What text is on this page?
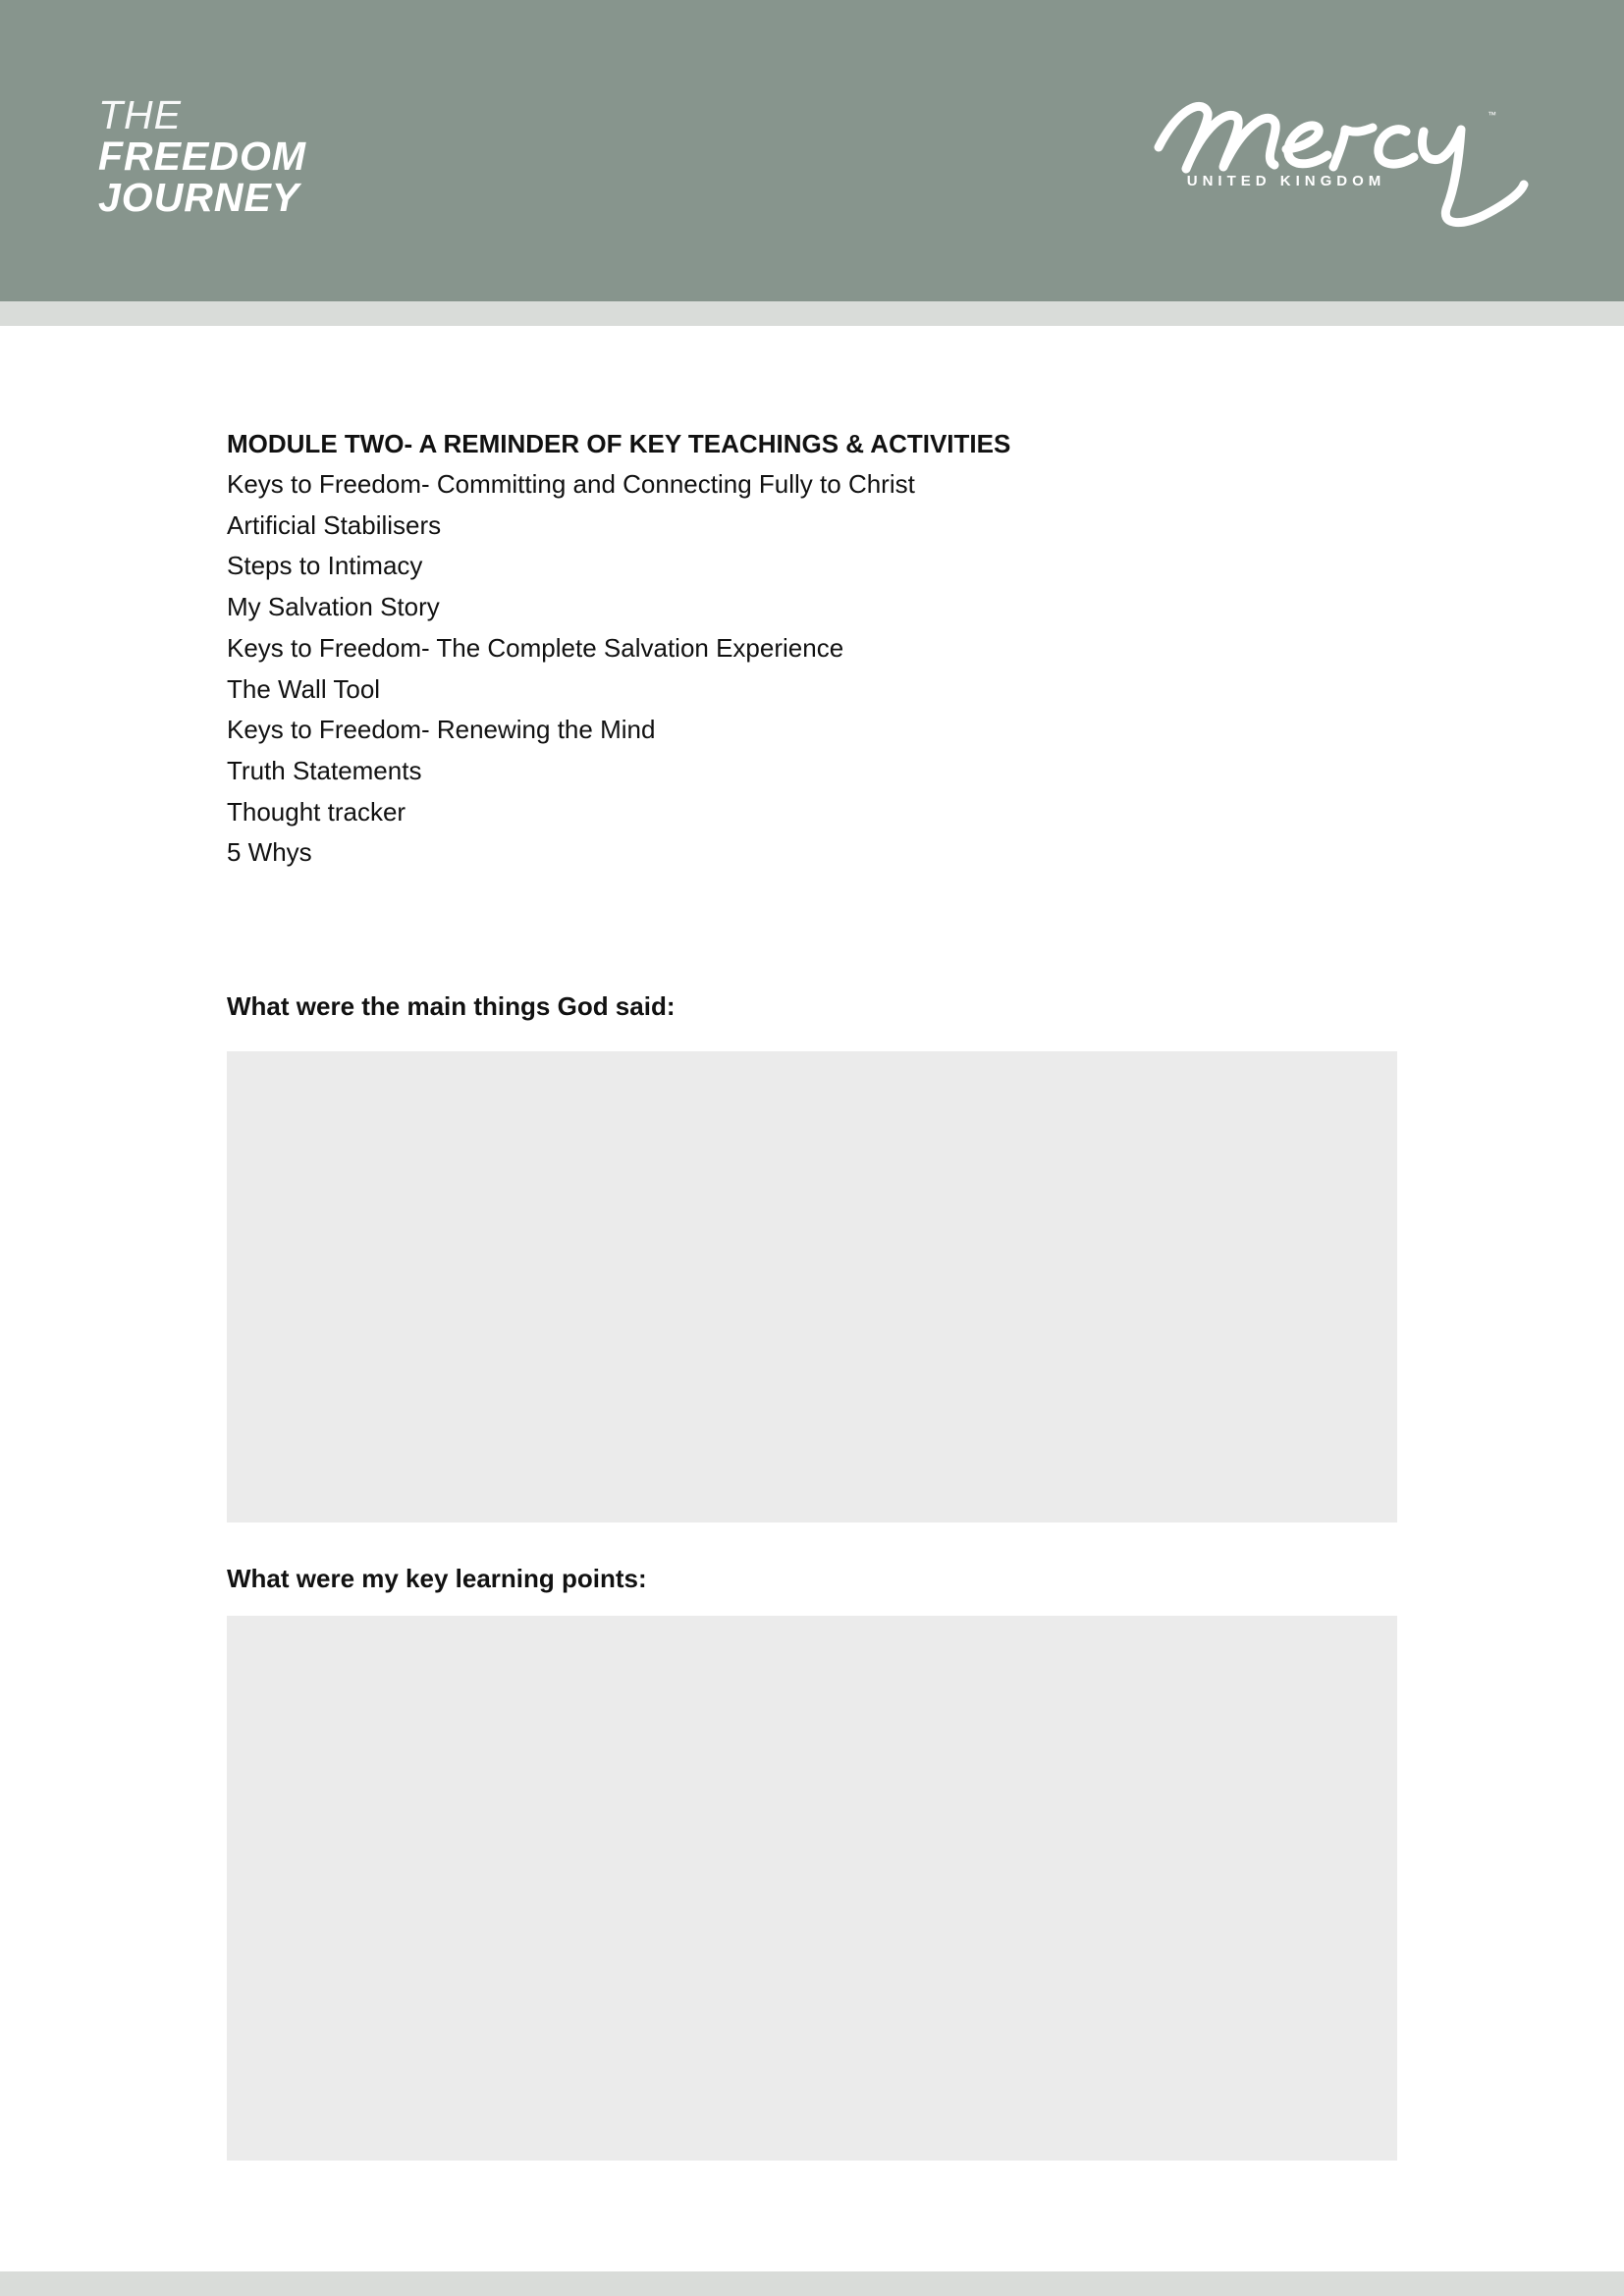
THE
FREEDOM
JOURNEY
™
UNITED KINGDOM
MODULE TWO- A REMINDER OF KEY TEACHINGS & ACTIVITIES
Keys to Freedom- Committing and Connecting Fully to Christ
Artificial Stabilisers
Steps to Intimacy
My Salvation Story
Keys to Freedom- The Complete Salvation Experience
The Wall Tool
Keys to Freedom- Renewing the Mind
Truth Statements
Thought tracker
5 Whys
What were the main things God said:
What were my key learning points:
